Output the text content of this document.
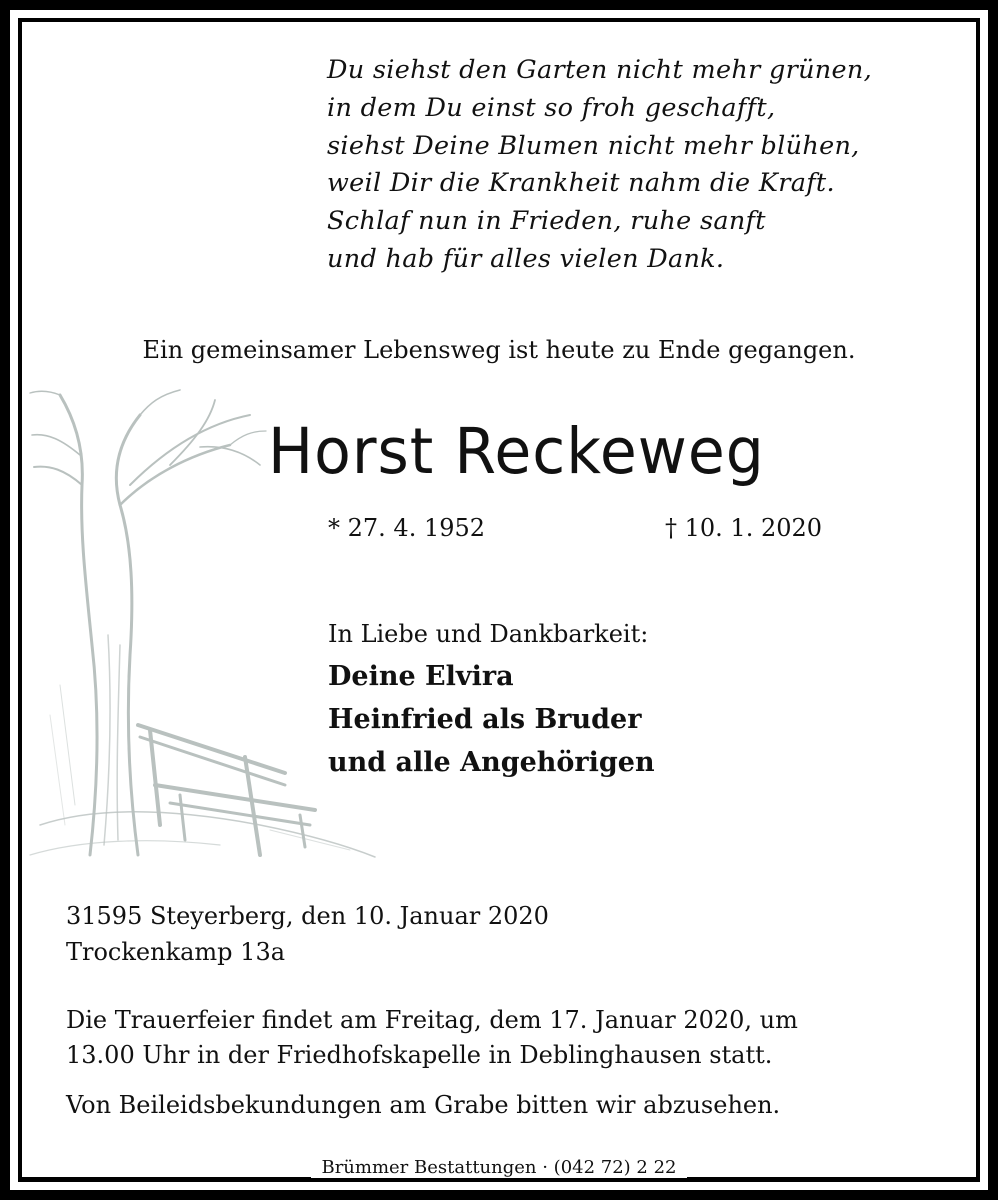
Du siehst den Garten nicht mehr grünen,
in dem Du einst so froh geschafft,
siehst Deine Blumen nicht mehr blühen,
weil Dir die Krankheit nahm die Kraft.
Schlaf nun in Frieden, ruhe sanft
und hab für alles vielen Dank.
Ein gemeinsamer Lebensweg ist heute zu Ende gegangen.
Horst Reckeweg
* 27. 4. 1952	† 10. 1. 2020
In Liebe und Dankbarkeit:
Deine Elvira
Heinfried als Bruder
und alle Angehörigen
31595 Steyerberg, den 10. Januar 2020
Trockenkamp 13a
Die Trauerfeier findet am Freitag, dem 17. Januar 2020, um
13.00 Uhr in der Friedhofskapelle in Deblinghausen statt.
Von Beileidsbekundungen am Grabe bitten wir abzusehen.
Brümmer Bestattungen · (042 72) 2 22
